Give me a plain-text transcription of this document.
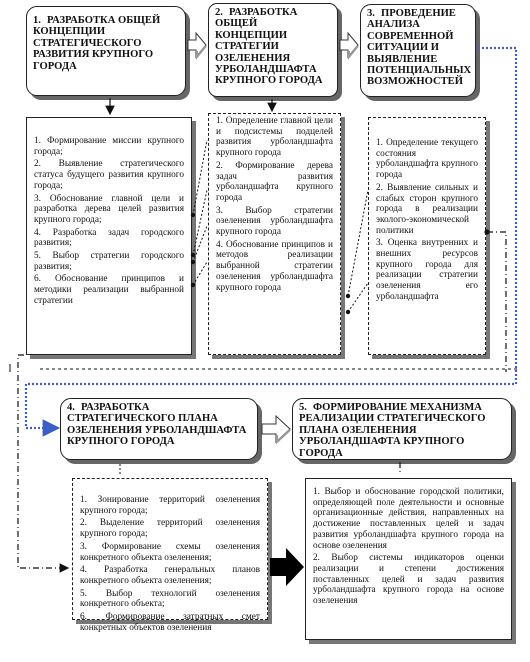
1. РАЗРАБОТКА ОБЩЕЙ КОНЦЕПЦИИ СТРАТЕГИЧЕСКОГО РАЗВИТИЯ КРУПНОГО ГОРОДА
2. РАЗРАБОТКА ОБЩЕЙ КОНЦЕПЦИИ СТРАТЕГИИ ОЗЕЛЕНЕНИЯ УРБОЛАНДШАФТА КРУПНОГО ГОРОДА
3. ПРОВЕДЕНИЕ АНАЛИЗА СОВРЕМЕННОЙ СИТУАЦИИ И ВЫЯВЛЕНИЕ ПОТЕНЦИАЛЬНЫХ ВОЗМОЖНОСТЕЙ
4. РАЗРАБОТКА СТРАТЕГИЧЕСКОГО ПЛАНА ОЗЕЛЕНЕНИЯ УРБОЛАНДШАФТА КРУПНОГО ГОРОДА
5. ФОРМИРОВАНИЕ МЕХАНИЗМА РЕАЛИЗАЦИИ СТРАТЕГИЧЕСКОГО ПЛАНА ОЗЕЛЕНЕНИЯ УРБОЛАНДШАФТА КРУПНОГО ГОРОДА
1. Формирование миссии крупного города;
2. Выявление стратегического статуса будущего развития крупного города;
3. Обоснование главной цели и разработка дерева целей развития крупного города;
4. Разработка задач городского развития;
5. Выбор стратегии городского развития;
6. Обоснование принципов и методики реализации выбранной стратегии
1. Определение главной цели и подсистемы подцелей развития урболандшафта крупного города
2. Формирование дерева задач развития урболандшафта крупного города
3. Выбор стратегии озеленения урболандшафта крупного города
4. Обоснование принципов и методов реализации выбранной стратегии озеленения урболандшафта крупного города
1. Определение текущего состояния урболандшафта крупного города
2. Выявление сильных и слабых сторон крупного города в реализации эколого-экономической политики
3. Оценка внутренних и внешних ресурсов крупного города для реализации стратегии озеленения его урболандшафта
1. Зонирование территорий озеленения крупного города;
2. Выделение территорий озеленения крупного города;
3. Формирование схемы озеленения конкретного объекта озеленения;
4. Разработка генеральных планов конкретного объекта озеленения;
5. Выбор технологий озеленения конкретного объекта;
6. Формирование затратных смет конкретных объектов озеленения
1. Выбор и обоснование городской политики, определяющей поле деятельности и основные организационные действия, направленных на достижение поставленных целей и задач развития урболандшафта крупного города на основе озеленения
2. Выбор системы индикаторов оценки реализации и степени достижения поставленных целей и задач развития урболандшафта крупного города на основе озеленения
